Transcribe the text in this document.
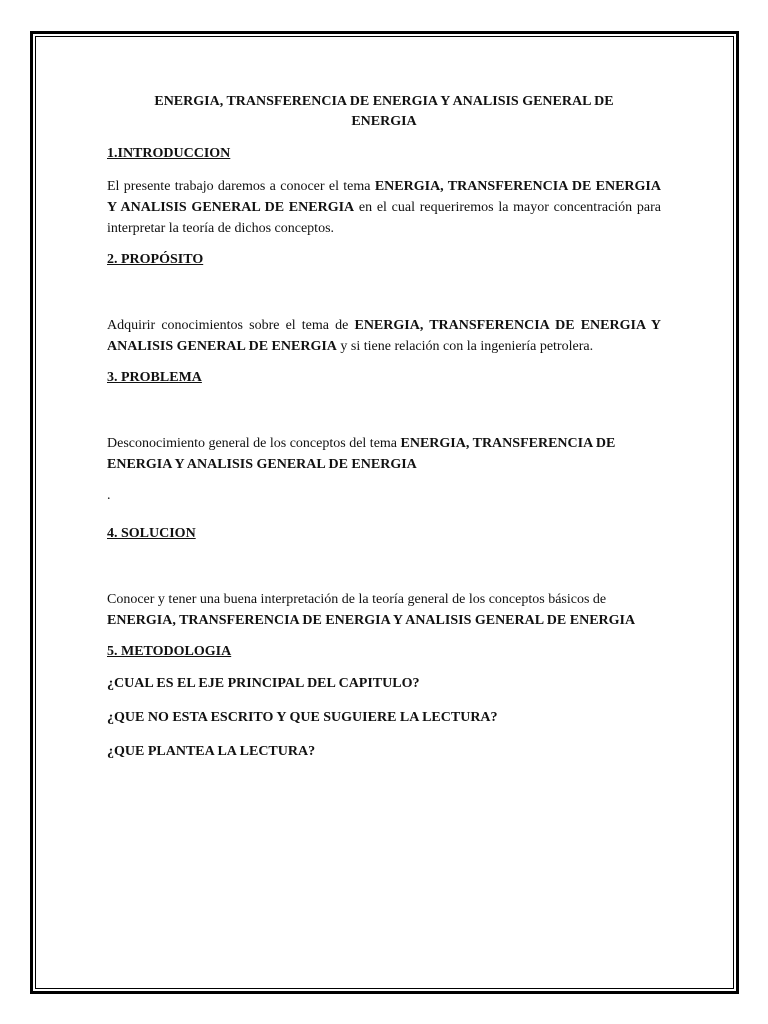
ENERGIA, TRANSFERENCIA DE ENERGIA Y ANALISIS GENERAL DE ENERGIA
1.INTRODUCCION

El presente trabajo daremos a conocer el tema ENERGIA, TRANSFERENCIA DE ENERGIA Y ANALISIS GENERAL DE ENERGIA en el cual requeriremos la mayor concentración para interpretar la teoría de dichos conceptos.

2. PROPÓSITO

Adquirir conocimientos sobre el tema de ENERGIA, TRANSFERENCIA DE ENERGIA Y ANALISIS GENERAL DE ENERGIA y si tiene relación con la ingeniería petrolera.

3. PROBLEMA

Desconocimiento general de los conceptos del tema ENERGIA, TRANSFERENCIA DE ENERGIA Y ANALISIS GENERAL DE ENERGIA

.
4. SOLUCION

Conocer y tener una buena interpretación de la teoría general de los conceptos básicos de ENERGIA, TRANSFERENCIA DE ENERGIA Y ANALISIS GENERAL DE ENERGIA

5. METODOLOGIA
¿CUAL ES EL EJE PRINCIPAL DEL CAPITULO?
¿QUE NO ESTA ESCRITO Y QUE SUGUIERE LA LECTURA?
¿QUE PLANTEA LA LECTURA?
